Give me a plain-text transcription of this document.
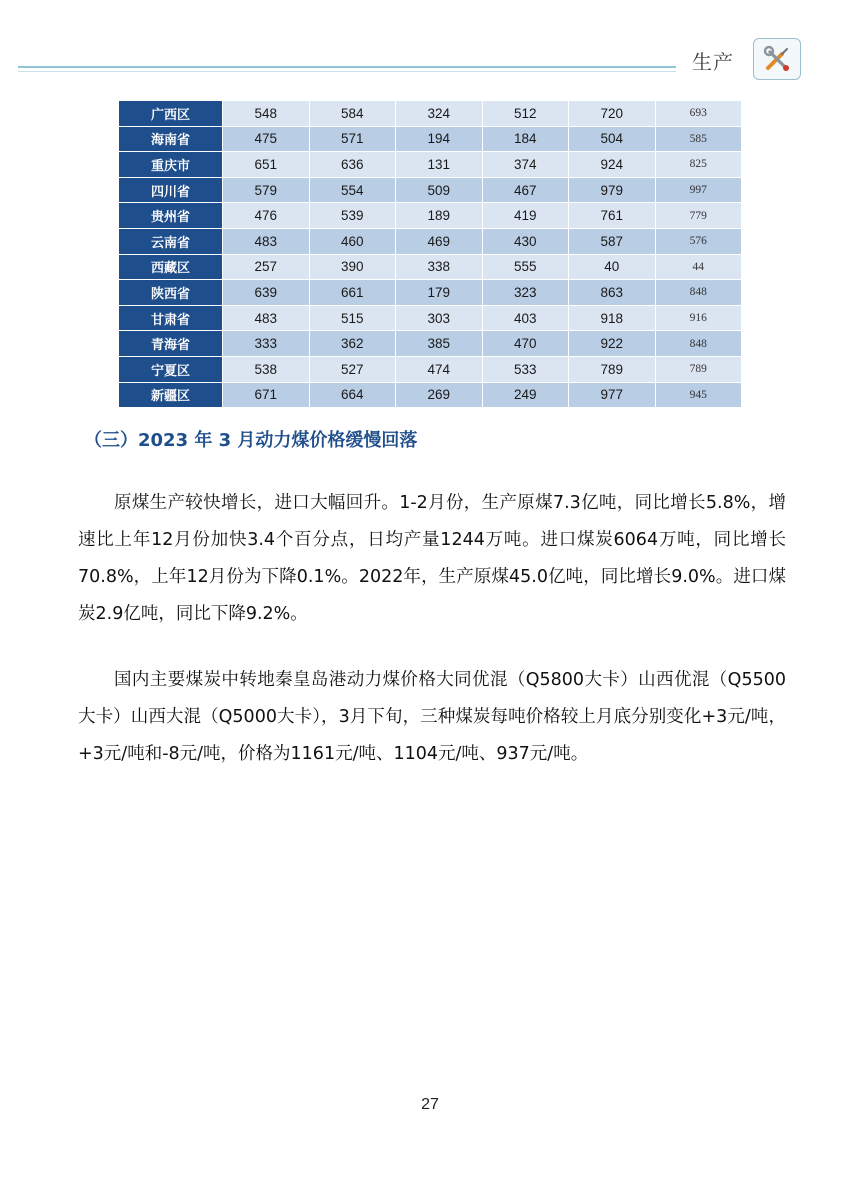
生产
广西区	548	584	324	512	720	693
海南省	475	571	194	184	504	585
重庆市	651	636	131	374	924	825
四川省	579	554	509	467	979	997
贵州省	476	539	189	419	761	779
云南省	483	460	469	430	587	576
西藏区	257	390	338	555	40	44
陕西省	639	661	179	323	863	848
甘肃省	483	515	303	403	918	916
青海省	333	362	385	470	922	848
宁夏区	538	527	474	533	789	789
新疆区	671	664	269	249	977	945
（三）2023 年 3 月动力煤价格缓慢回落
原煤生产较快增长，进口大幅回升。1-2月份，生产原煤7.3亿吨，同比增长5.8%，增速比上年12月份加快3.4个百分点，日均产量1244万吨。进口煤炭6064万吨，同比增长70.8%，上年12月份为下降0.1%。2022年，生产原煤45.0亿吨，同比增长9.0%。进口煤炭2.9亿吨，同比下降9.2%。
国内主要煤炭中转地秦皇岛港动力煤价格大同优混（Q5800大卡）山西优混（Q5500大卡）山西大混（Q5000大卡），3月下旬，三种煤炭每吨价格较上月底分别变化+3元/吨，+3元/吨和-8元/吨，价格为1161元/吨、1104元/吨、937元/吨。
27
